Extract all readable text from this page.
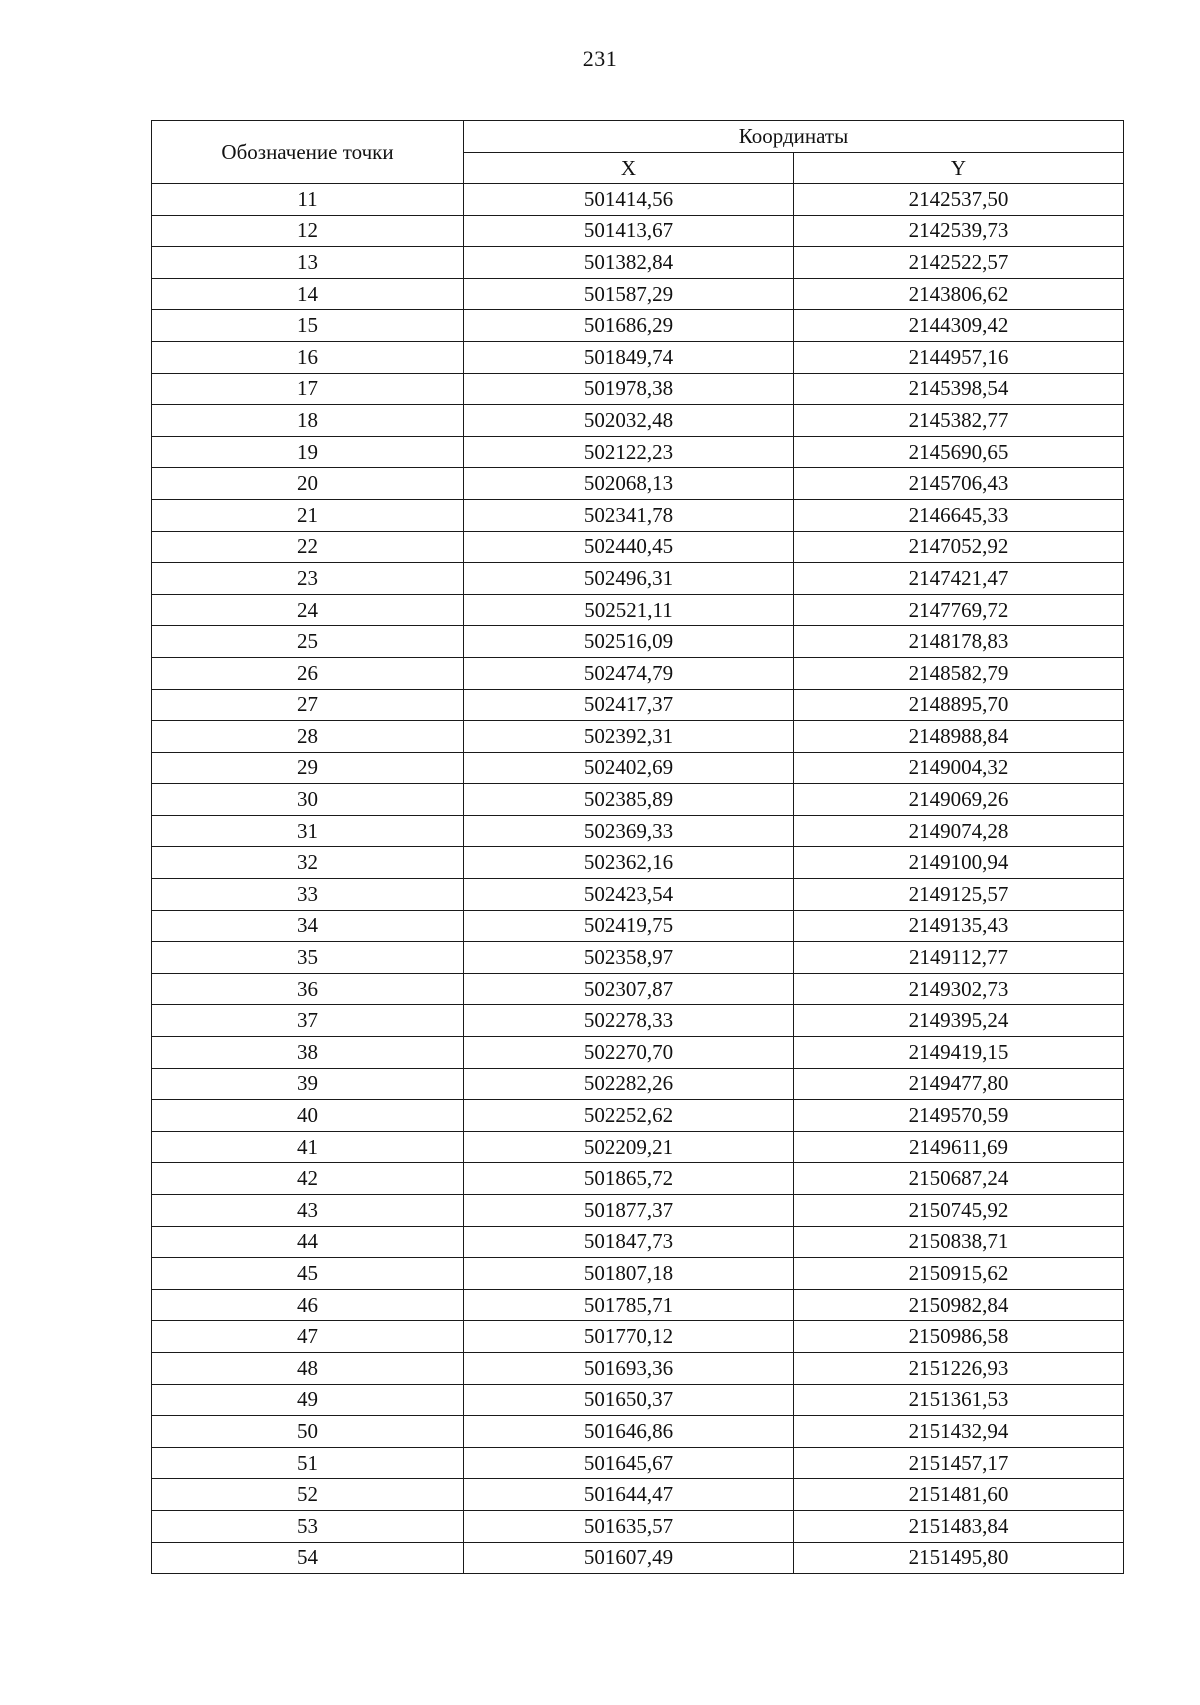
231
Обозначение точки	Координаты	
	X	Y
11	501414,56	2142537,50
12	501413,67	2142539,73
13	501382,84	2142522,57
14	501587,29	2143806,62
15	501686,29	2144309,42
16	501849,74	2144957,16
17	501978,38	2145398,54
18	502032,48	2145382,77
19	502122,23	2145690,65
20	502068,13	2145706,43
21	502341,78	2146645,33
22	502440,45	2147052,92
23	502496,31	2147421,47
24	502521,11	2147769,72
25	502516,09	2148178,83
26	502474,79	2148582,79
27	502417,37	2148895,70
28	502392,31	2148988,84
29	502402,69	2149004,32
30	502385,89	2149069,26
31	502369,33	2149074,28
32	502362,16	2149100,94
33	502423,54	2149125,57
34	502419,75	2149135,43
35	502358,97	2149112,77
36	502307,87	2149302,73
37	502278,33	2149395,24
38	502270,70	2149419,15
39	502282,26	2149477,80
40	502252,62	2149570,59
41	502209,21	2149611,69
42	501865,72	2150687,24
43	501877,37	2150745,92
44	501847,73	2150838,71
45	501807,18	2150915,62
46	501785,71	2150982,84
47	501770,12	2150986,58
48	501693,36	2151226,93
49	501650,37	2151361,53
50	501646,86	2151432,94
51	501645,67	2151457,17
52	501644,47	2151481,60
53	501635,57	2151483,84
54	501607,49	2151495,80
